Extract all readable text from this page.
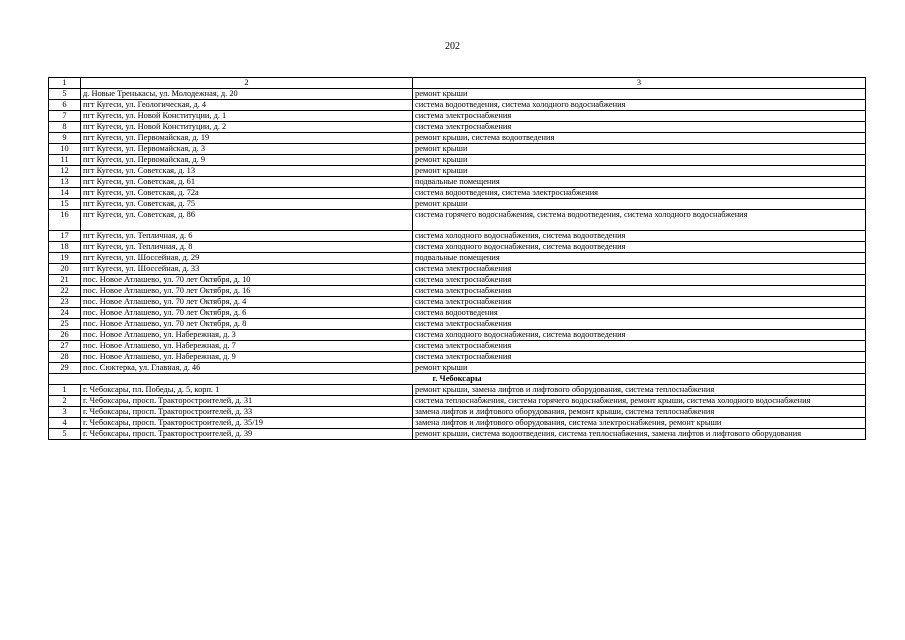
202
1	2	3
5	д. Новые Тренькасы, ул. Молодежная, д. 20	ремонт крыши
6	пгт Кугеси, ул. Геологическая, д. 4	система водоотведения, система холодного водоснабжения
7	пгт Кугеси, ул. Новой Конституции, д. 1	система электроснабжения
8	пгт Кугеси, ул. Новой Конституции, д. 2	система электроснабжения
9	пгт Кугеси, ул. Первомайская, д. 19	ремонт крыши, система водоотведения
10	пгт Кугеси, ул. Первомайская, д. 3	ремонт крыши
11	пгт Кугеси, ул. Первомайская, д. 9	ремонт крыши
12	пгт Кугеси, ул. Советская, д. 13	ремонт крыши
13	пгт Кугеси, ул. Советская, д. 61	подвальные помещения
14	пгт Кугеси, ул. Советская, д. 72а	система водоотведения, система электроснабжения
15	пгт Кугеси, ул. Советская, д. 75	ремонт крыши
16	пгт Кугеси, ул. Советская, д. 86	система горячего водоснабжения, система водоотведения, система холодного водоснабжения
17	пгт Кугеси, ул. Тепличная, д. 6	система холодного водоснабжения, система водоотведения
18	пгт Кугеси, ул. Тепличная, д. 8	система холодного водоснабжения, система водоотведения
19	пгт Кугеси, ул. Шоссейная, д. 29	подвальные помещения
20	пгт Кугеси, ул. Шоссейная, д. 33	система электроснабжения
21	пос. Новое Атлашево, ул. 70 лет Октября, д. 10	система электроснабжения
22	пос. Новое Атлашево, ул. 70 лет Октября, д. 16	система электроснабжения
23	пос. Новое Атлашево, ул. 70 лет Октября, д. 4	система электроснабжения
24	пос. Новое Атлашево, ул. 70 лет Октября, д. 6	система водоотведения
25	пос. Новое Атлашево, ул. 70 лет Октября, д. 8	система электроснабжения
26	пос. Новое Атлашево, ул. Набережная, д. 3	система холодного водоснабжения, система водоотведения
27	пос. Новое Атлашево, ул. Набережная, д. 7	система электроснабжения
28	пос. Новое Атлашево, ул. Набережная, д. 9	система электроснабжения
29	пос. Сюктерка, ул. Главная, д. 46	ремонт крыши
г. Чебоксары		
1	г. Чебоксары, пл. Победы, д. 5, корп. 1	ремонт крыши, замена лифтов и лифтового оборудования, система теплоснабжения
2	г. Чебоксары, просп. Тракторостроителей, д. 31	система теплоснабжения, система горячего водоснабжения, ремонт крыши, система холодного водоснабжения
3	г. Чебоксары, просп. Тракторостроителей, д. 33	замена лифтов и лифтового оборудования, ремонт крыши, система теплоснабжения
4	г. Чебоксары, просп. Тракторостроителей, д. 35/19	замена лифтов и лифтового оборудования, система электроснабжения, ремонт крыши
5	г. Чебоксары, просп. Тракторостроителей, д. 39	ремонт крыши, система водоотведения, система теплоснабжения, замена лифтов и лифтового оборудования
